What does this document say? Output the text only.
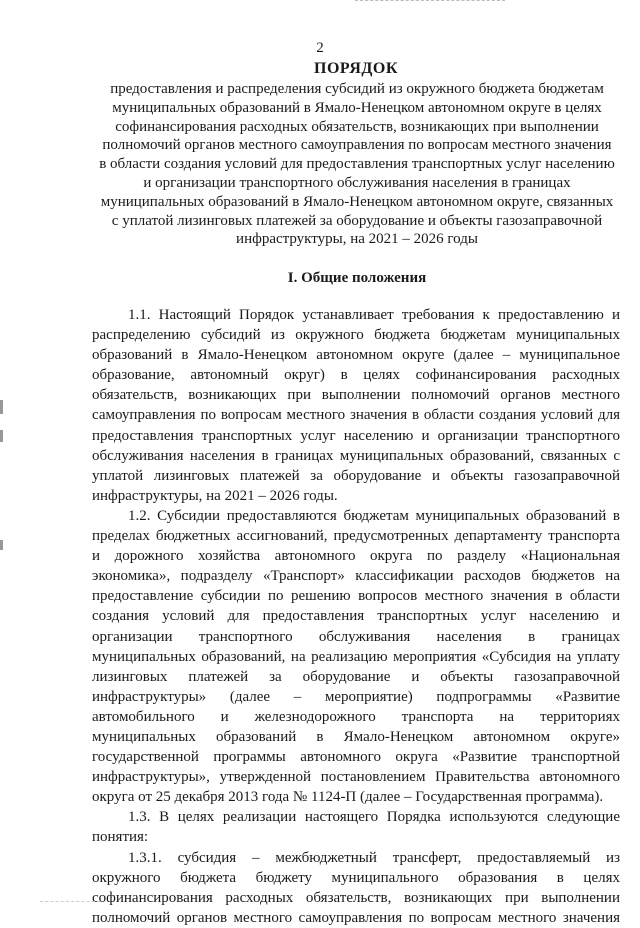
2
ПОРЯДОК
предоставления и распределения субсидий из окружного бюджета бюджетам
муниципальных образований в Ямало-Ненецком автономном округе в целях
софинансирования расходных обязательств, возникающих при выполнении
полномочий органов местного самоуправления по вопросам местного значения
в области создания условий для предоставления транспортных услуг населению
и организации транспортного обслуживания населения в границах
муниципальных образований в Ямало-Ненецком автономном округе, связанных
с уплатой лизинговых платежей за оборудование и объекты газозаправочной
инфраструктуры, на 2021 – 2026 годы
I. Общие положения
1.1. Настоящий Порядок устанавливает требования к предоставлению и
распределению субсидий из окружного бюджета бюджетам муниципальных
образований в Ямало-Ненецком автономном округе (далее – муниципальное
образование, автономный округ) в целях софинансирования расходных
обязательств, возникающих при выполнении полномочий органов местного
самоуправления по вопросам местного значения в области создания условий для
предоставления транспортных услуг населению и организации транспортного
обслуживания населения в границах муниципальных образований, связанных с
уплатой лизинговых платежей за оборудование и объекты газозаправочной
инфраструктуры, на 2021 – 2026 годы.
1.2. Субсидии предоставляются бюджетам муниципальных образований в
пределах бюджетных ассигнований, предусмотренных департаменту транспорта
и дорожного хозяйства автономного округа по разделу «Национальная
экономика», подразделу «Транспорт» классификации расходов бюджетов на
предоставление субсидии по решению вопросов местного значения в области
создания условий для предоставления транспортных услуг населению и
организации транспортного обслуживания населения в границах
муниципальных образований, на реализацию мероприятия «Субсидия на уплату
лизинговых платежей за оборудование и объекты газозаправочной
инфраструктуры» (далее – мероприятие) подпрограммы «Развитие
автомобильного и железнодорожного транспорта на территориях
муниципальных образований в Ямало-Ненецком автономном округе»
государственной программы автономного округа «Развитие транспортной
инфраструктуры», утвержденной постановлением Правительства автономного
округа от 25 декабря 2013 года № 1124-П (далее – Государственная программа).
1.3. В целях реализации настоящего Порядка используются следующие
понятия:
1.3.1. субсидия – межбюджетный трансферт, предоставляемый из
окружного бюджета бюджету муниципального образования в целях
софинансирования расходных обязательств, возникающих при выполнении
полномочий органов местного самоуправления по вопросам местного значения
